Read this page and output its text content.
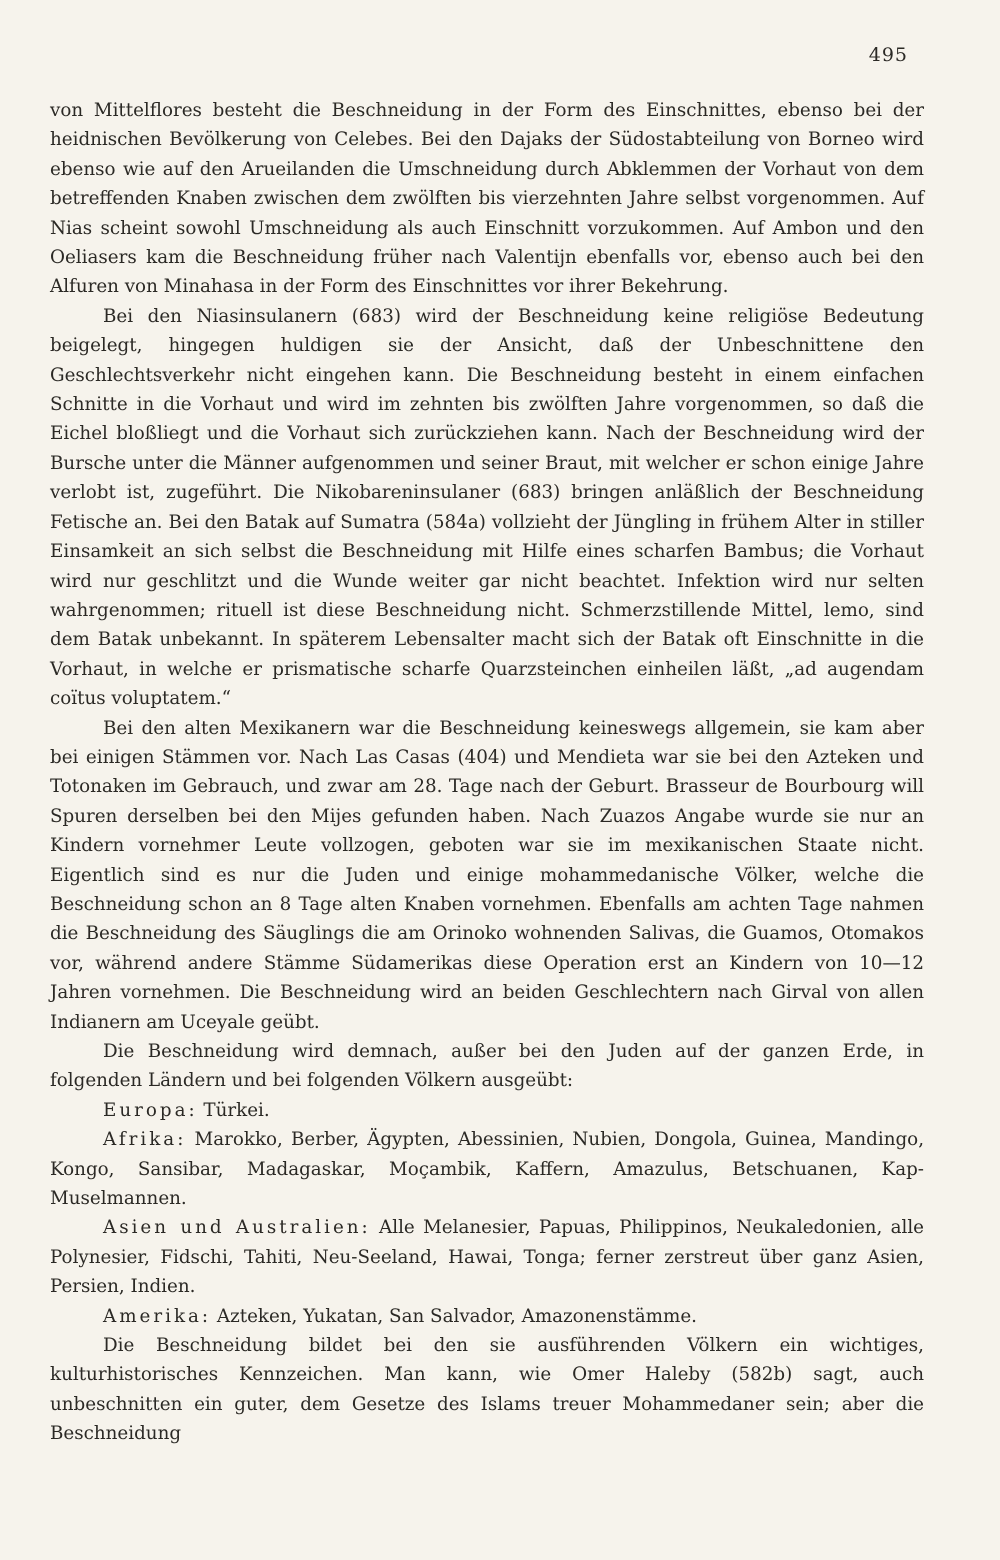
495

von Mittelflores besteht die Beschneidung in der Form des Einschnittes, ebenso bei der heidnischen Bevölkerung von Celebes. Bei den Dajaks der Südostabteilung von Borneo wird ebenso wie auf den Arueilanden die Umschneidung durch Abklemmen der Vorhaut von dem betreffenden Knaben zwischen dem zwölften bis vierzehnten Jahre selbst vorgenommen. Auf Nias scheint sowohl Umschneidung als auch Einschnitt vorzukommen. Auf Ambon und den Oeliasers kam die Beschneidung früher nach Valentijn ebenfalls vor, ebenso auch bei den Alfuren von Minahasa in der Form des Einschnittes vor ihrer Bekehrung.

Bei den Niasinsulanern (683) wird der Beschneidung keine religiöse Bedeutung beigelegt, hingegen huldigen sie der Ansicht, daß der Unbeschnittene den Geschlechtsverkehr nicht eingehen kann. Die Beschneidung besteht in einem einfachen Schnitte in die Vorhaut und wird im zehnten bis zwölften Jahre vorgenommen, so daß die Eichel bloßliegt und die Vorhaut sich zurückziehen kann. Nach der Beschneidung wird der Bursche unter die Männer aufgenommen und seiner Braut, mit welcher er schon einige Jahre verlobt ist, zugeführt. Die Nikobareninsulaner (683) bringen anläßlich der Beschneidung Fetische an. Bei den Batak auf Sumatra (584a) vollzieht der Jüngling in frühem Alter in stiller Einsamkeit an sich selbst die Beschneidung mit Hilfe eines scharfen Bambus; die Vorhaut wird nur geschlitzt und die Wunde weiter gar nicht beachtet. Infektion wird nur selten wahrgenommen; rituell ist diese Beschneidung nicht. Schmerzstillende Mittel, lemo, sind dem Batak unbekannt. In späterem Lebensalter macht sich der Batak oft Einschnitte in die Vorhaut, in welche er prismatische scharfe Quarzsteinchen einheilen läßt, „ad augendam coïtus voluptatem.“

Bei den alten Mexikanern war die Beschneidung keineswegs allgemein, sie kam aber bei einigen Stämmen vor. Nach Las Casas (404) und Mendieta war sie bei den Azteken und Totonaken im Gebrauch, und zwar am 28. Tage nach der Geburt. Brasseur de Bourbourg will Spuren derselben bei den Mijes gefunden haben. Nach Zuazos Angabe wurde sie nur an Kindern vornehmer Leute vollzogen, geboten war sie im mexikanischen Staate nicht. Eigentlich sind es nur die Juden und einige mohammedanische Völker, welche die Beschneidung schon an 8 Tage alten Knaben vornehmen. Ebenfalls am achten Tage nahmen die Beschneidung des Säuglings die am Orinoko wohnenden Salivas, die Guamos, Otomakos vor, während andere Stämme Südamerikas diese Operation erst an Kindern von 10—12 Jahren vornehmen. Die Beschneidung wird an beiden Geschlechtern nach Girval von allen Indianern am Uceyale geübt.

Die Beschneidung wird demnach, außer bei den Juden auf der ganzen Erde, in folgenden Ländern und bei folgenden Völkern ausgeübt:

Europa: Türkei.

Afrika: Marokko, Berber, Ägypten, Abessinien, Nubien, Dongola, Guinea, Mandingo, Kongo, Sansibar, Madagaskar, Moçambik, Kaffern, Amazulus, Betschuanen, Kap-Muselmannen.

Asien und Australien: Alle Melanesier, Papuas, Philippinos, Neukaledonien, alle Polynesier, Fidschi, Tahiti, Neu-Seeland, Hawai, Tonga; ferner zerstreut über ganz Asien, Persien, Indien.

Amerika: Azteken, Yukatan, San Salvador, Amazonenstämme.

Die Beschneidung bildet bei den sie ausführenden Völkern ein wichtiges, kulturhistorisches Kennzeichen. Man kann, wie Omer Haleby (582b) sagt, auch unbeschnitten ein guter, dem Gesetze des Islams treuer Mohammedaner sein; aber die Beschneidung
